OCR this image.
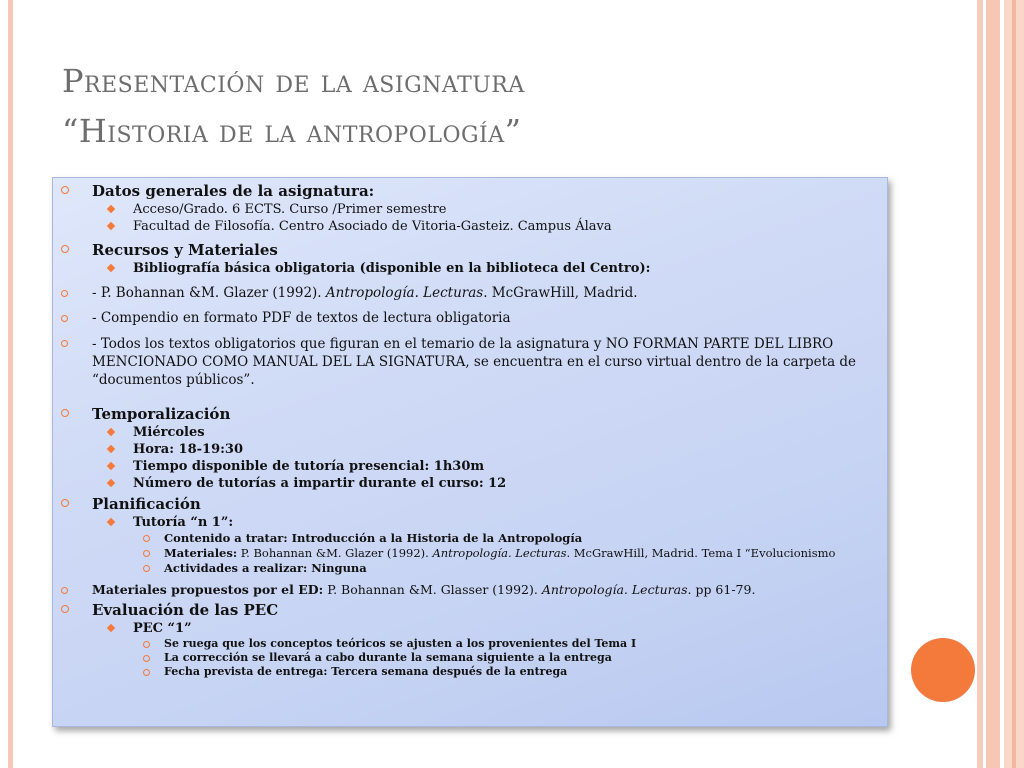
Presentación de la asignatura
“Historia de la antropología”
Datos generales de la asignatura:
Acceso/Grado. 6 ECTS. Curso /Primer semestre
Facultad de Filosofía. Centro Asociado de Vitoria-Gasteiz. Campus Álava
Recursos y Materiales
Bibliografía básica obligatoria (disponible en la biblioteca del Centro):
- P. Bohannan &M. Glazer (1992). Antropología. Lecturas. McGrawHill, Madrid.
- Compendio en formato PDF de textos de lectura obligatoria
- Todos los textos obligatorios que figuran en el temario de la asignatura y NO FORMAN PARTE DEL LIBRO MENCIONADO COMO MANUAL DEL LA SIGNATURA, se encuentra en el curso virtual dentro de la carpeta de “documentos públicos”.
Temporalización
Miércoles
Hora: 18-19:30
Tiempo disponible de tutoría presencial: 1h30m
Número de tutorías a impartir durante el curso: 12
Planificación
Tutoría “n 1”:
Contenido a tratar: Introducción a la Historia de la Antropología
Materiales: P. Bohannan &M. Glazer (1992). Antropología. Lecturas. McGrawHill, Madrid. Tema I “Evolucionismo
Actividades a realizar: Ninguna
Materiales propuestos por el ED: P. Bohannan &M. Glasser (1992). Antropología. Lecturas. pp 61-79.
Evaluación de las PEC
PEC “1”
Se ruega que los conceptos teóricos se ajusten a los provenientes del Tema I
La corrección se llevará a cabo durante la semana siguiente a la entrega
Fecha prevista de entrega: Tercera semana después de la entrega
